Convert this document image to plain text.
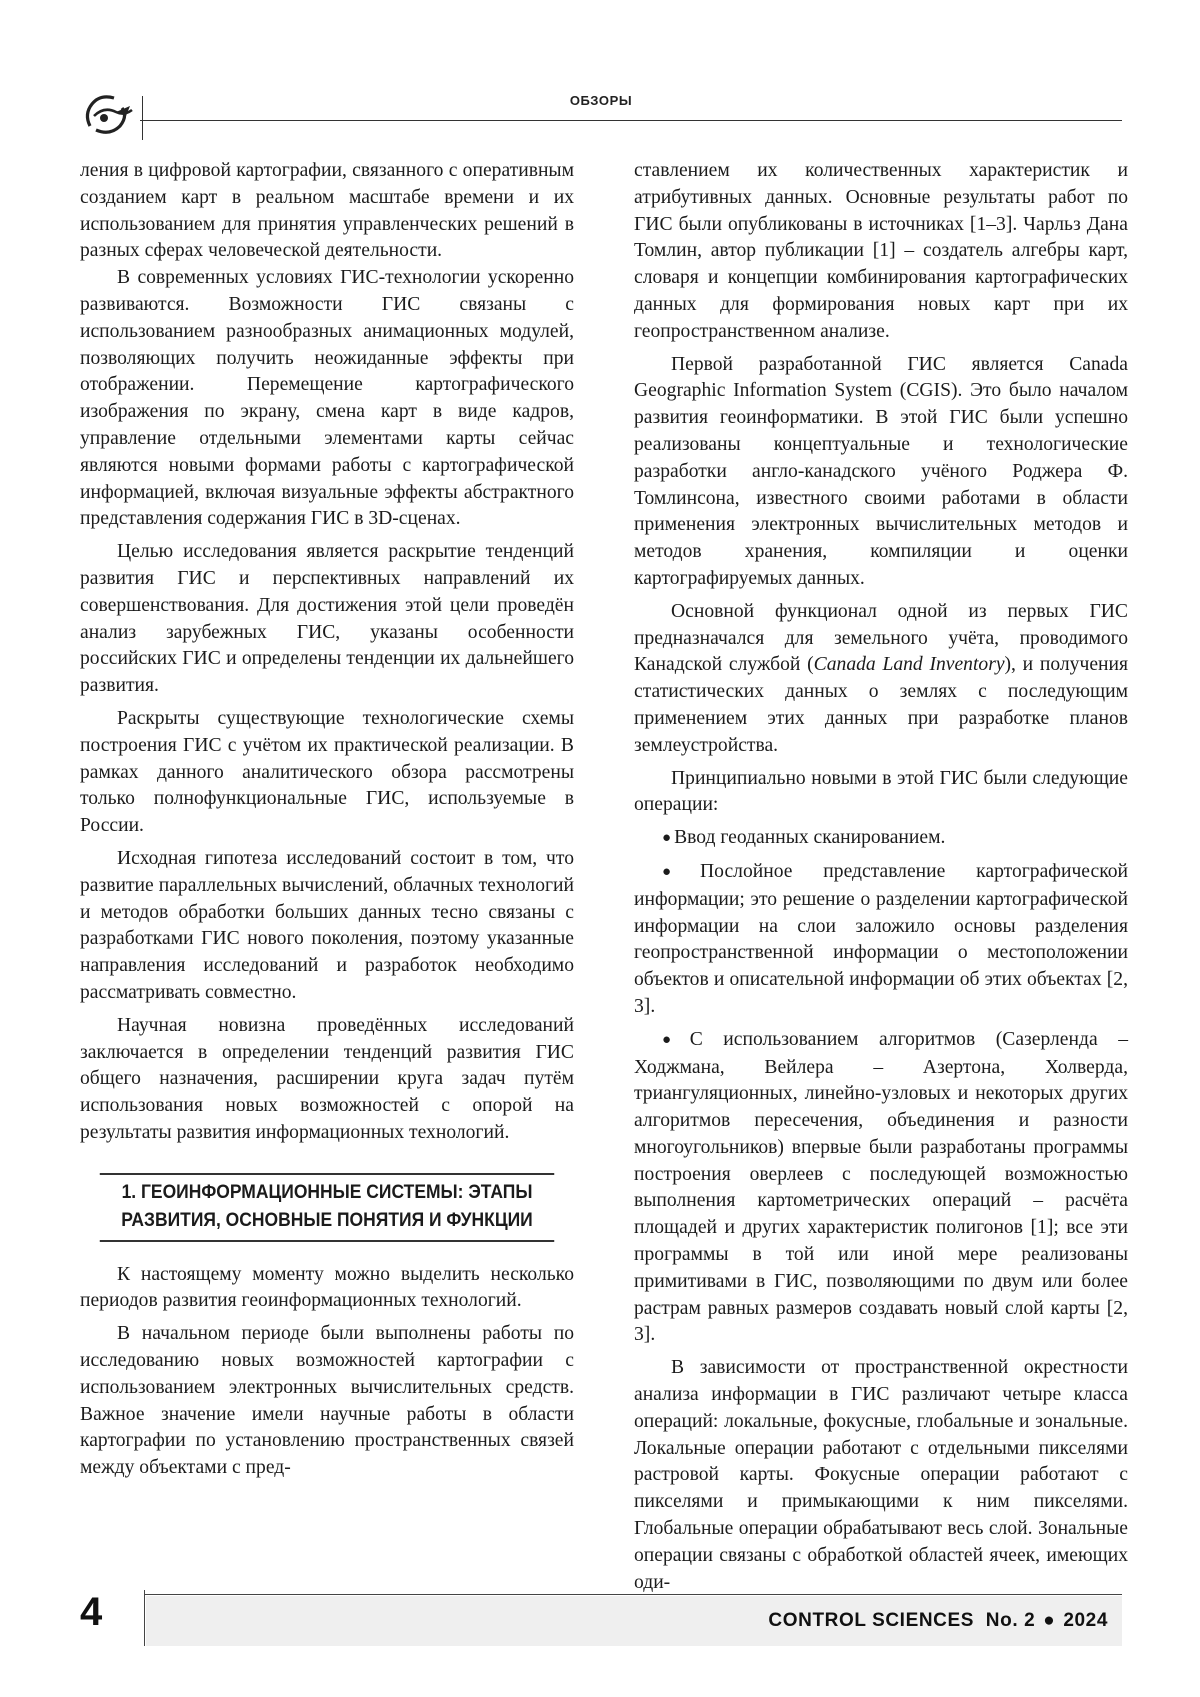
ОБЗОРЫ

ления в цифровой картографии, связанного с оперативным созданием карт в реальном масштабе времени и их использованием для принятия управленческих решений в разных сферах человеческой деятельности.

В современных условиях ГИС-технологии ускоренно развиваются. Возможности ГИС связаны с использованием разнообразных анимационных модулей, позволяющих получить неожиданные эффекты при отображении. Перемещение картографического изображения по экрану, смена карт в виде кадров, управление отдельными элементами карты сейчас являются новыми формами работы с картографической информацией, включая визуальные эффекты абстрактного представления содержания ГИС в 3D-сценах.

Целью исследования является раскрытие тенденций развития ГИС и перспективных направлений их совершенствования. Для достижения этой цели проведён анализ зарубежных ГИС, указаны особенности российских ГИС и определены тенденции их дальнейшего развития.

Раскрыты существующие технологические схемы построения ГИС с учётом их практической реализации. В рамках данного аналитического обзора рассмотрены только полнофункциональные ГИС, используемые в России.

Исходная гипотеза исследований состоит в том, что развитие параллельных вычислений, облачных технологий и методов обработки больших данных тесно связаны с разработками ГИС нового поколения, поэтому указанные направления исследований и разработок необходимо рассматривать совместно.

Научная новизна проведённых исследований заключается в определении тенденций развития ГИС общего назначения, расширении круга задач путём использования новых возможностей с опорой на результаты развития информационных технологий.

1. ГЕОИНФОРМАЦИОННЫЕ СИСТЕМЫ: ЭТАПЫ
РАЗВИТИЯ, ОСНОВНЫЕ ПОНЯТИЯ И ФУНКЦИИ

К настоящему моменту можно выделить несколько периодов развития геоинформационных технологий.

В начальном периоде были выполнены работы по исследованию новых возможностей картографии с использованием электронных вычислительных средств. Важное значение имели научные работы в области картографии по установлению пространственных связей между объектами с пред-

ставлением их количественных характеристик и атрибутивных данных. Основные результаты работ по ГИС были опубликованы в источниках [1–3]. Чарльз Дана Томлин, автор публикации [1] – создатель алгебры карт, словаря и концепции комбинирования картографических данных для формирования новых карт при их геопространственном анализе.

Первой разработанной ГИС является Canada Geographic Information System (CGIS). Это было началом развития геоинформатики. В этой ГИС были успешно реализованы концептуальные и технологические разработки англо-канадского учёного Роджера Ф. Томлинсона, известного своими работами в области применения электронных вычислительных методов и методов хранения, компиляции и оценки картографируемых данных.

Основной функционал одной из первых ГИС предназначался для земельного учёта, проводимого Канадской службой (Canada Land Inventory), и получения статистических данных о землях с последующим применением этих данных при разработке планов землеустройства.

Принципиально новыми в этой ГИС были следующие операции:

● Ввод геоданных сканированием.

● Послойное представление картографической информации; это решение о разделении картографической информации на слои заложило основы разделения геопространственной информации о местоположении объектов и описательной информации об этих объектах [2, 3].

● С использованием алгоритмов (Сазерленда – Ходжмана, Вейлера – Азертона, Холверда, триангуляционных, линейно-узловых и некоторых других алгоритмов пересечения, объединения и разности многоугольников) впервые были разработаны программы построения оверлеев с последующей возможностью выполнения картометрических операций – расчёта площадей и других характеристик полигонов [1]; все эти программы в той или иной мере реализованы примитивами в ГИС, позволяющими по двум или более растрам равных размеров создавать новый слой карты [2, 3].

В зависимости от пространственной окрестности анализа информации в ГИС различают четыре класса операций: локальные, фокусные, глобальные и зональные. Локальные операции работают с отдельными пикселями растровой карты. Фокусные операции работают с пикселями и примыкающими к ним пикселями. Глобальные операции обрабатывают весь слой. Зональные операции связаны с обработкой областей ячеек, имеющих оди-

4	CONTROL SCIENCES No. 2 ● 2024
